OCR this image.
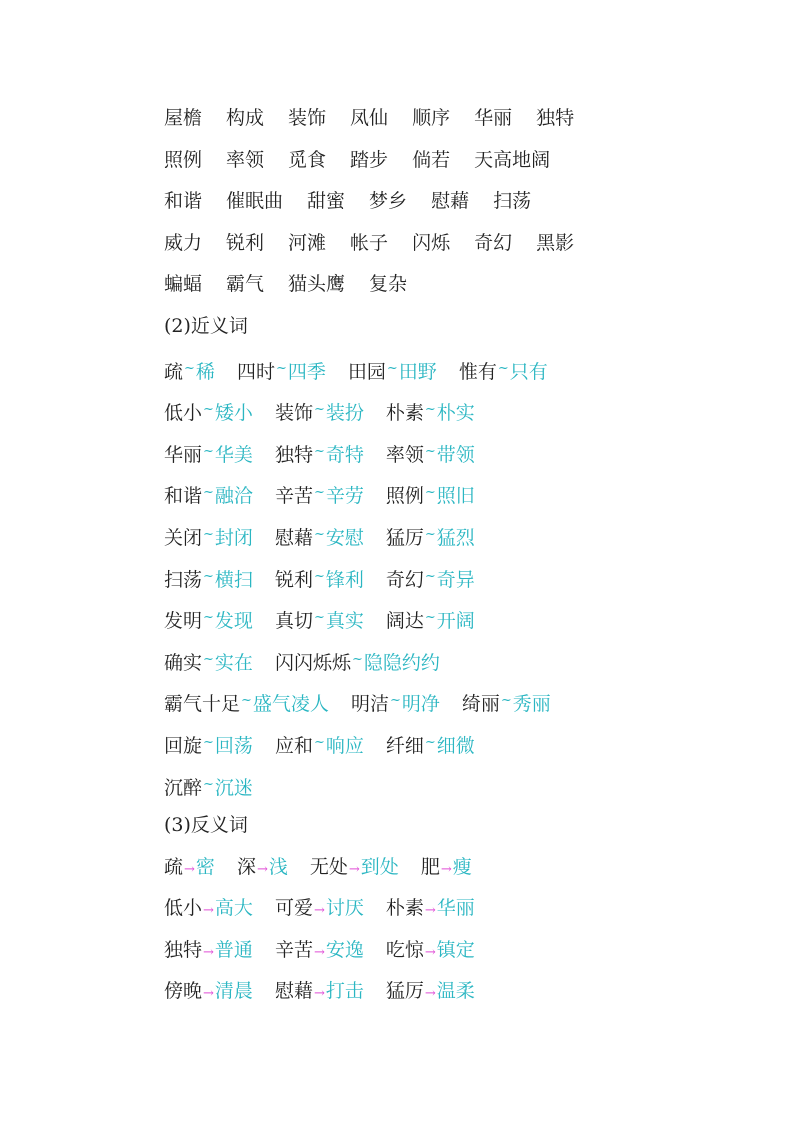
屋檐 构成 装饰 凤仙 顺序 华丽 独特
照例 率领 觅食 踏步 倘若 天高地阔
和谐 催眠曲 甜蜜 梦乡 慰藉 扫荡
威力 锐利 河滩 帐子 闪烁 奇幻 黑影
蝙蝠 霸气 猫头鹰 复杂
(2)近义词
疏~稀 四时~四季 田园~田野 惟有~只有
低小~矮小 装饰~装扮 朴素~朴实
华丽~华美 独特~奇特 率领~带领
和谐~融洽 辛苦~辛劳 照例~照旧
关闭~封闭 慰藉~安慰 猛厉~猛烈
扫荡~横扫 锐利~锋利 奇幻~奇异
发明~发现 真切~真实 阔达~开阔
确实~实在 闪闪烁烁~隐隐约约
霸气十足~盛气凌人 明洁~明净 绮丽~秀丽
回旋~回荡 应和~响应 纤细~细微
沉醉~沉迷
(3)反义词
疏→密 深→浅 无处→到处 肥→瘦
低小→高大 可爱→讨厌 朴素→华丽
独特→普通 辛苦→安逸 吃惊→镇定
傍晚→清晨 慰藉→打击 猛厉→温柔
